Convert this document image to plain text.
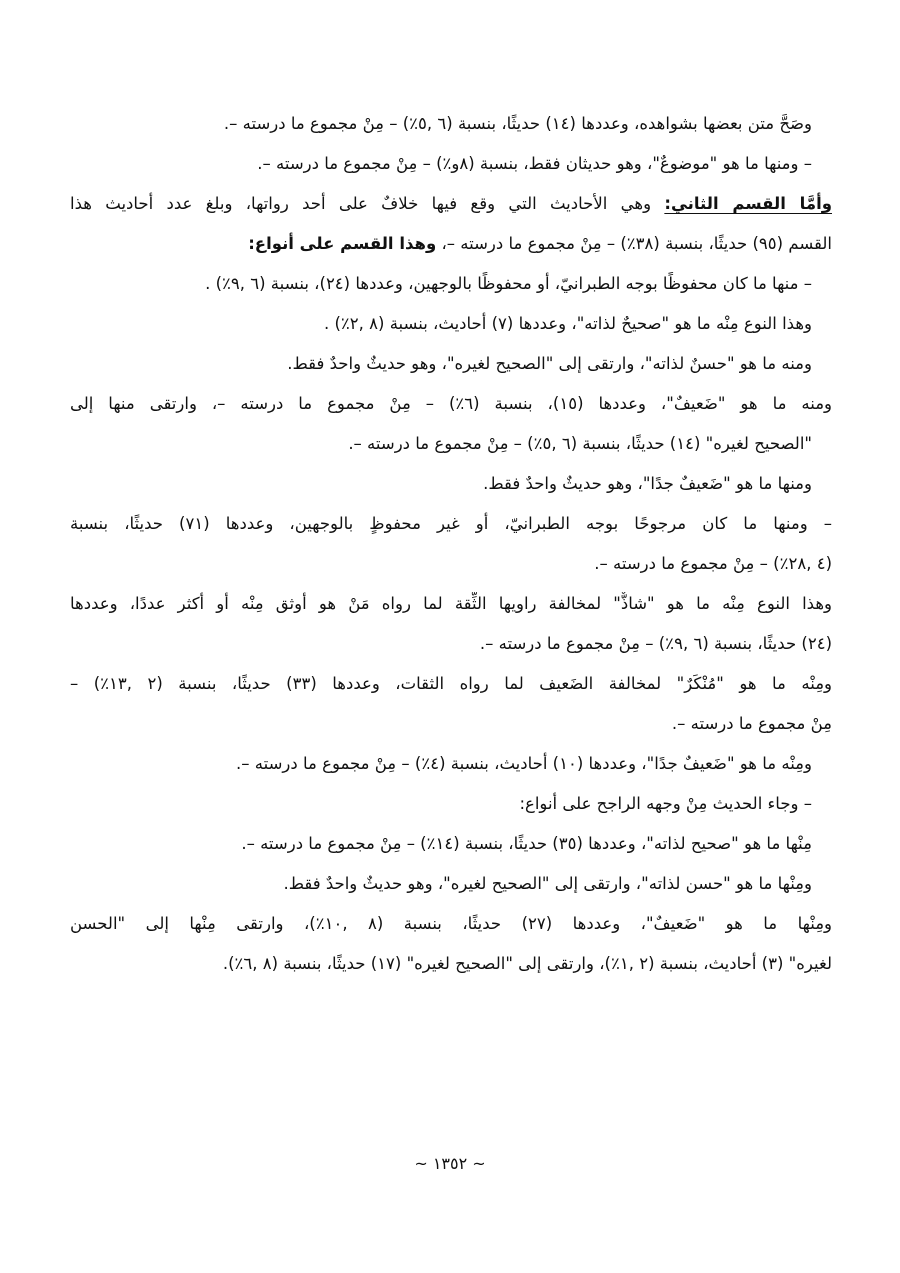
وصَحَّ متن بعضها بشواهده، وعددها (١٤) حديثًا، بنسبة (٦ ,٥٪) – مِنْ مجموع ما درسته –.
– ومنها ما هو "موضوعٌ"، وهو حديثان فقط، بنسبة (٨و٪) – مِنْ مجموع ما درسته –.
وأَمَّا القسم الثاني: وهي الأحاديث التي وقع فيها خلافٌ على أحد رواتها، وبلغ عدد أحاديث هذا
القسم (٩٥) حديثًا، بنسبة (٣٨٪) – مِنْ مجموع ما درسته –، وهذا القسم على أنواع:
– منها ما كان محفوظًا بوجه الطبرانيّ، أو محفوظًا بالوجهين، وعددها (٢٤)، بنسبة (٦ ,٩٪) .
وهذا النوع مِنْه ما هو "صحيحٌ لذاته"، وعددها (٧) أحاديث، بنسبة (٨ ,٢٪) .
ومنه ما هو "حسنٌ لذاته"، وارتقى إلى "الصحيح لغيره"، وهو حديثٌ واحدٌ فقط.
ومنه ما هو "ضَعيفٌ"، وعددها (١٥)، بنسبة (٦٪) – مِنْ مجموع ما درسته –، وارتقى منها إلى
"الصحيح لغيره" (١٤) حديثًا، بنسبة (٦ ,٥٪) – مِنْ مجموع ما درسته –.
ومنها ما هو "ضَعيفٌ جدًا"، وهو حديثٌ واحدٌ فقط.
– ومنها ما كان مرجوحًا بوجه الطبرانيّ، أو غير محفوظٍ بالوجهين، وعددها (٧١) حديثًا، بنسبة
(٤ ,٢٨٪) – مِنْ مجموع ما درسته –.
وهذا النوع مِنْه ما هو "شاذٌّ" لمخالفة راويها الثِّقة لما رواه مَنْ هو أوثق مِنْه أو أكثر عددًا، وعددها
(٢٤) حديثًا، بنسبة (٦ ,٩٪) – مِنْ مجموع ما درسته –.
ومِنْه ما هو "مُنْكَرٌ" لمخالفة الضَعيف لما رواه الثقات، وعددها (٣٣) حديثًا، بنسبة (٢ ,١٣٪) –
مِنْ مجموع ما درسته –.
ومِنْه ما هو "ضَعيفٌ جدًا"، وعددها (١٠) أحاديث، بنسبة (٤٪) – مِنْ مجموع ما درسته –.
– وجاء الحديث مِنْ وجهه الراجح على أنواع:
مِنْها ما هو "صحيح لذاته"، وعددها (٣٥) حديثًا، بنسبة (١٤٪) – مِنْ مجموع ما درسته –.
ومِنْها ما هو "حسن لذاته"، وارتقى إلى "الصحيح لغيره"، وهو حديثٌ واحدٌ فقط.
ومِنْها ما هو "ضَعيفٌ"، وعددها (٢٧) حديثًا، بنسبة (٨ ,١٠٪)، وارتقى مِنْها إلى "الحسن
لغيره" (٣) أحاديث، بنسبة (٢ ,١٪)، وارتقى إلى "الصحيح لغيره" (١٧) حديثًا، بنسبة (٨ ,٦٪).
~ ١٣٥٢ ~
